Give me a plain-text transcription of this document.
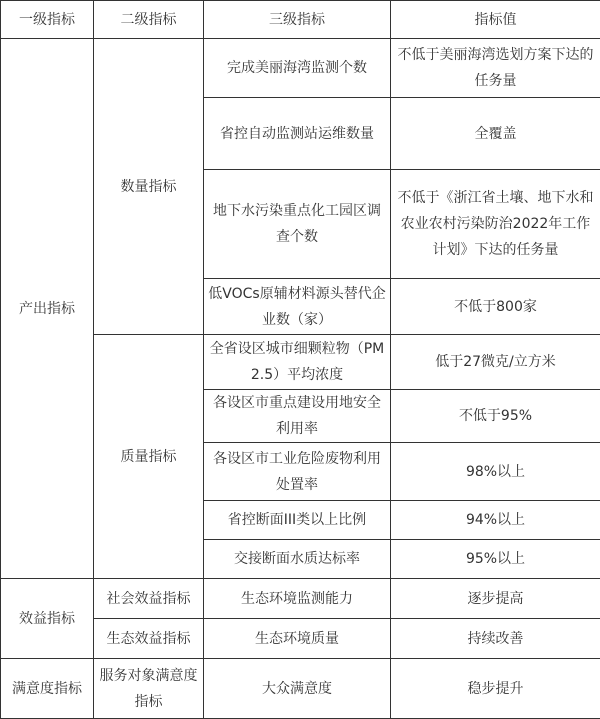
一级指标	二级指标	三级指标	指标值
产出指标	数量指标	完成美丽海湾监测个数	不低于美丽海湾选划方案下达的任务量
		省控自动监测站运维数量	全覆盖
		地下水污染重点化工园区调查个数	不低于《浙江省土壤、地下水和农业农村污染防治2022年工作计划》下达的任务量
		低VOCs原辅材料源头替代企业数（家）	不低于800家
	质量指标	全省设区城市细颗粒物（PM2.5）平均浓度	低于27微克/立方米
		各设区市重点建设用地安全利用率	不低于95%
		各设区市工业危险废物利用处置率	98%以上
		省控断面III类以上比例	94%以上
		交接断面水质达标率	95%以上
效益指标	社会效益指标	生态环境监测能力	逐步提高
	生态效益指标	生态环境质量	持续改善
满意度指标	服务对象满意度指标	大众满意度	稳步提升
